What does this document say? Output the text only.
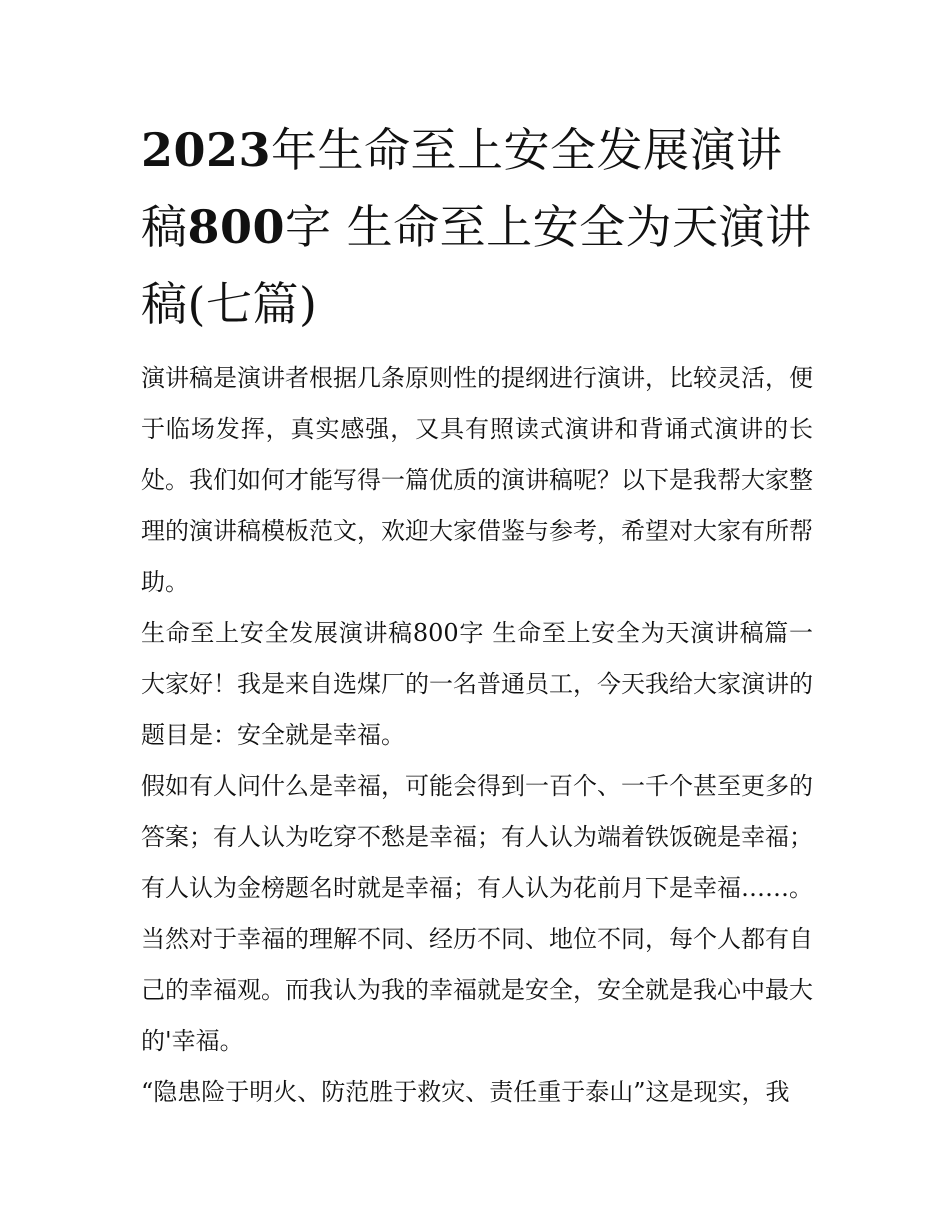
2023年生命至上安全发展演讲稿800字 生命至上安全为天演讲稿(七篇)

演讲稿是演讲者根据几条原则性的提纲进行演讲，比较灵活，便于临场发挥，真实感强，又具有照读式演讲和背诵式演讲的长处。我们如何才能写得一篇优质的演讲稿呢？以下是我帮大家整理的演讲稿模板范文，欢迎大家借鉴与参考，希望对大家有所帮助。

生命至上安全发展演讲稿800字 生命至上安全为天演讲稿篇一 大家好！我是来自选煤厂的一名普通员工，今天我给大家演讲的题目是：安全就是幸福。

假如有人问什么是幸福，可能会得到一百个、一千个甚至更多的答案；有人认为吃穿不愁是幸福；有人认为端着铁饭碗是幸福；有人认为金榜题名时就是幸福；有人认为花前月下是幸福……。当然对于幸福的理解不同、经历不同、地位不同，每个人都有自己的幸福观。而我认为我的幸福就是安全，安全就是我心中最大的'幸福。

“隐患险于明火、防范胜于救灾、责任重于泰山”这是现实，我
